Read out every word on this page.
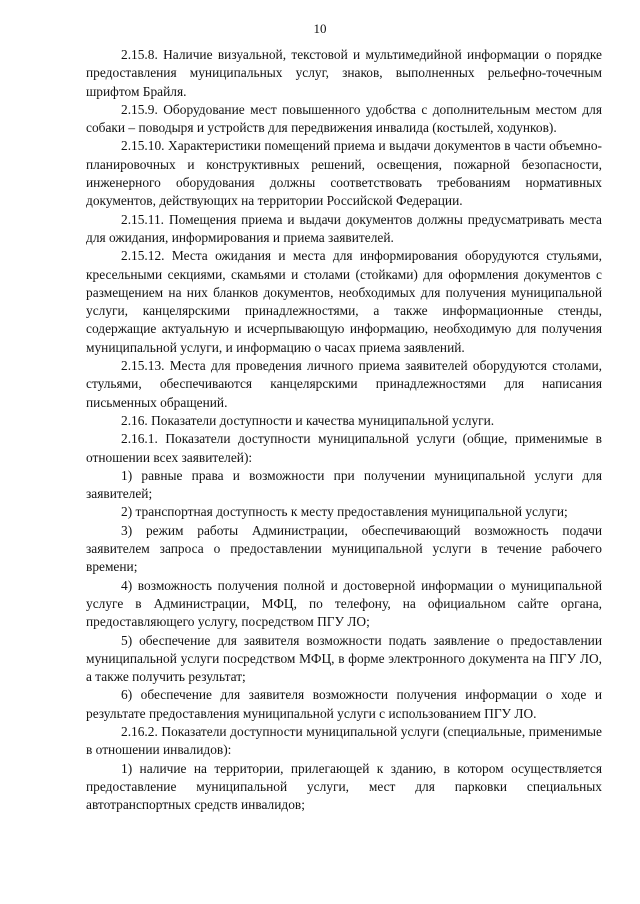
10

2.15.8. Наличие визуальной, текстовой и мультимедийной информации о порядке предоставления муниципальных услуг, знаков, выполненных рельефно-точечным шрифтом Брайля.

2.15.9. Оборудование мест повышенного удобства с дополнительным местом для собаки – поводыря и устройств для передвижения инвалида (костылей, ходунков).

2.15.10. Характеристики помещений приема и выдачи документов в части объемно-планировочных и конструктивных решений, освещения, пожарной безопасности, инженерного оборудования должны соответствовать требованиям нормативных документов, действующих на территории Российской Федерации.

2.15.11. Помещения приема и выдачи документов должны предусматривать места для ожидания, информирования и приема заявителей.

2.15.12. Места ожидания и места для информирования оборудуются стульями, кресельными секциями, скамьями и столами (стойками) для оформления документов с размещением на них бланков документов, необходимых для получения муниципальной услуги, канцелярскими принадлежностями, а также информационные стенды, содержащие актуальную и исчерпывающую информацию, необходимую для получения муниципальной услуги, и информацию о часах приема заявлений.

2.15.13. Места для проведения личного приема заявителей оборудуются столами, стульями, обеспечиваются канцелярскими принадлежностями для написания письменных обращений.

2.16. Показатели доступности и качества муниципальной услуги.

2.16.1. Показатели доступности муниципальной услуги (общие, применимые в отношении всех заявителей):

1) равные права и возможности при получении муниципальной услуги для заявителей;

2) транспортная доступность к месту предоставления муниципальной услуги;

3) режим работы Администрации, обеспечивающий возможность подачи заявителем запроса о предоставлении муниципальной услуги в течение рабочего времени;

4) возможность получения полной и достоверной информации о муниципальной услуге в Администрации, МФЦ, по телефону, на официальном сайте органа, предоставляющего услугу, посредством ПГУ ЛО;

5) обеспечение для заявителя возможности подать заявление о предоставлении муниципальной услуги посредством МФЦ, в форме электронного документа на ПГУ ЛО, а также получить результат;

6) обеспечение для заявителя возможности получения информации о ходе и результате предоставления муниципальной услуги с использованием ПГУ ЛО.

2.16.2. Показатели доступности муниципальной услуги (специальные, применимые в отношении инвалидов):

1) наличие на территории, прилегающей к зданию, в котором осуществляется предоставление муниципальной услуги, мест для парковки специальных автотранспортных средств инвалидов;
